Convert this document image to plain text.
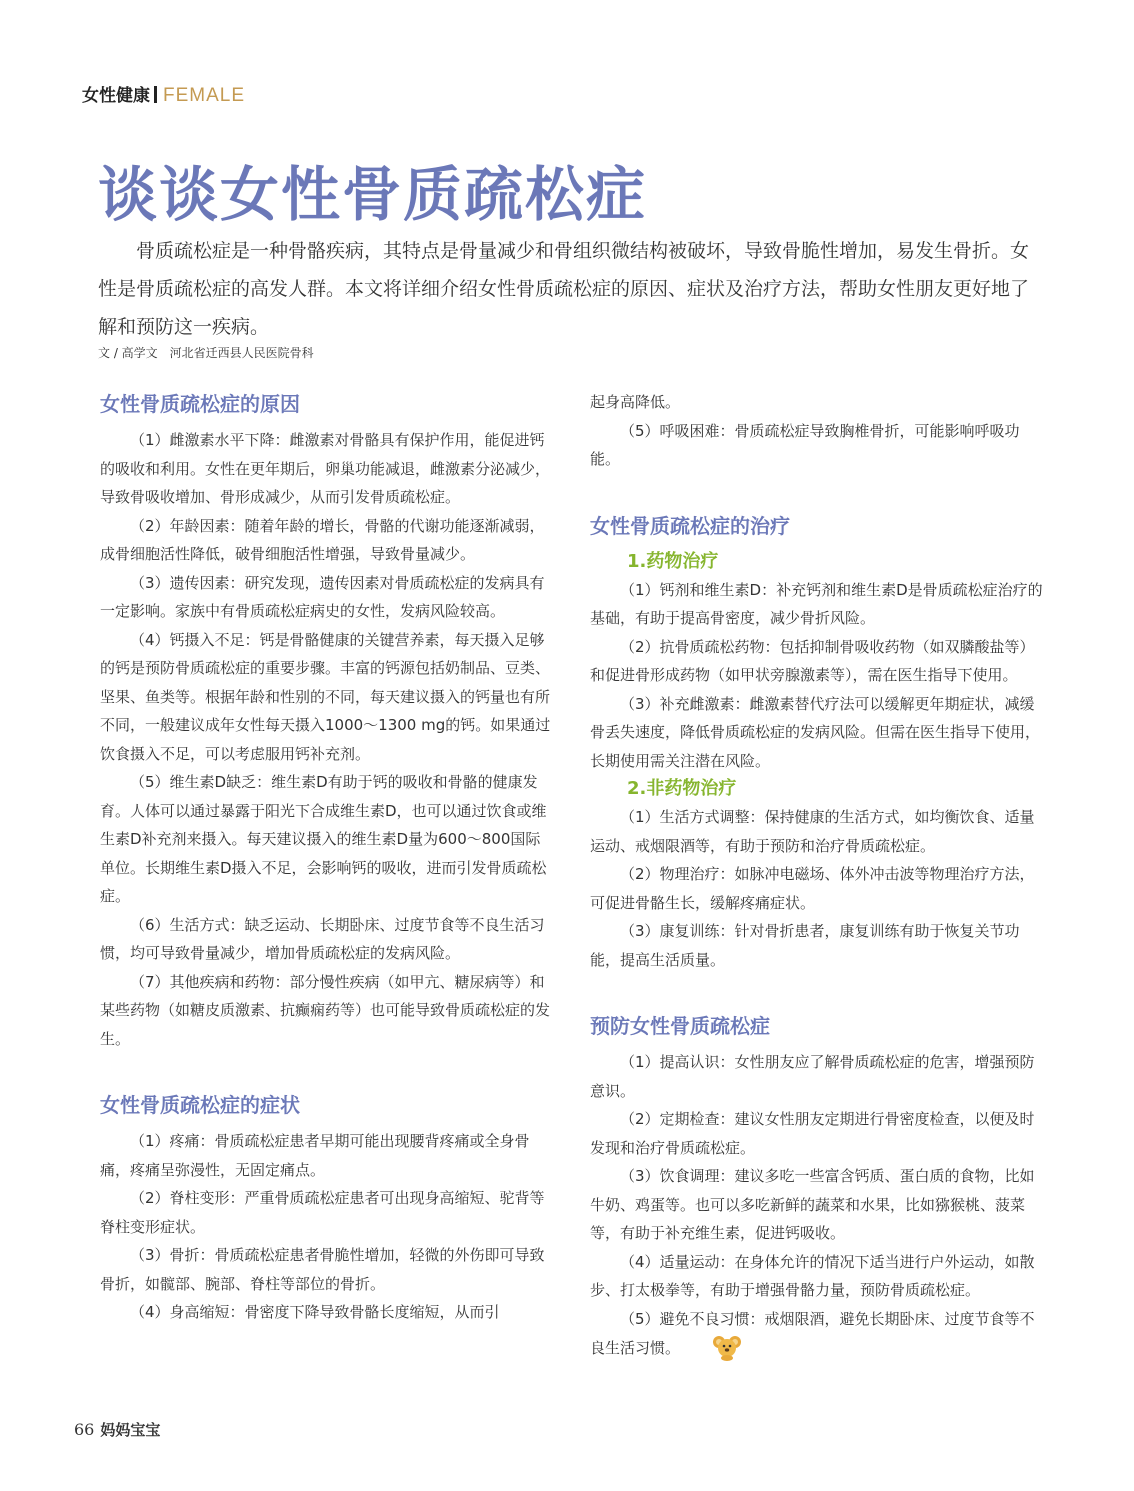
女性健康 FEMALE
谈谈女性骨质疏松症

骨质疏松症是一种骨骼疾病，其特点是骨量减少和骨组织微结构被破坏，导致骨脆性增加，易发生骨折。女性是骨质疏松症的高发人群。本文将详细介绍女性骨质疏松症的原因、症状及治疗方法，帮助女性朋友更好地了解和预防这一疾病。

文 / 高学文　河北省迁西县人民医院骨科
女性骨质疏松症的原因

（1）雌激素水平下降：雌激素对骨骼具有保护作用，能促进钙的吸收和利用。女性在更年期后，卵巢功能减退，雌激素分泌减少，导致骨吸收增加、骨形成减少，从而引发骨质疏松症。

（2）年龄因素：随着年龄的增长，骨骼的代谢功能逐渐减弱，成骨细胞活性降低，破骨细胞活性增强，导致骨量减少。

（3）遗传因素：研究发现，遗传因素对骨质疏松症的发病具有一定影响。家族中有骨质疏松症病史的女性，发病风险较高。

（4）钙摄入不足：钙是骨骼健康的关键营养素，每天摄入足够的钙是预防骨质疏松症的重要步骤。丰富的钙源包括奶制品、豆类、坚果、鱼类等。根据年龄和性别的不同，每天建议摄入的钙量也有所不同，一般建议成年女性每天摄入1000～1300 mg的钙。如果通过饮食摄入不足，可以考虑服用钙补充剂。

（5）维生素D缺乏：维生素D有助于钙的吸收和骨骼的健康发育。人体可以通过暴露于阳光下合成维生素D，也可以通过饮食或维生素D补充剂来摄入。每天建议摄入的维生素D量为600～800国际单位。长期维生素D摄入不足，会影响钙的吸收，进而引发骨质疏松症。

（6）生活方式：缺乏运动、长期卧床、过度节食等不良生活习惯，均可导致骨量减少，增加骨质疏松症的发病风险。

（7）其他疾病和药物：部分慢性疾病（如甲亢、糖尿病等）和某些药物（如糖皮质激素、抗癫痫药等）也可能导致骨质疏松症的发生。

女性骨质疏松症的症状

（1）疼痛：骨质疏松症患者早期可能出现腰背疼痛或全身骨痛，疼痛呈弥漫性，无固定痛点。

（2）脊柱变形：严重骨质疏松症患者可出现身高缩短、驼背等脊柱变形症状。

（3）骨折：骨质疏松症患者骨脆性增加，轻微的外伤即可导致骨折，如髋部、腕部、脊柱等部位的骨折。

（4）身高缩短：骨密度下降导致骨骼长度缩短，从而引

起身高降低。

（5）呼吸困难：骨质疏松症导致胸椎骨折，可能影响呼吸功能。

女性骨质疏松症的治疗
1.药物治疗

（1）钙剂和维生素D：补充钙剂和维生素D是骨质疏松症治疗的基础，有助于提高骨密度，减少骨折风险。

（2）抗骨质疏松药物：包括抑制骨吸收药物（如双膦酸盐等）和促进骨形成药物（如甲状旁腺激素等），需在医生指导下使用。

（3）补充雌激素：雌激素替代疗法可以缓解更年期症状，减缓骨丢失速度，降低骨质疏松症的发病风险。但需在医生指导下使用，长期使用需关注潜在风险。

2.非药物治疗

（1）生活方式调整：保持健康的生活方式，如均衡饮食、适量运动、戒烟限酒等，有助于预防和治疗骨质疏松症。

（2）物理治疗：如脉冲电磁场、体外冲击波等物理治疗方法，可促进骨骼生长，缓解疼痛症状。

（3）康复训练：针对骨折患者，康复训练有助于恢复关节功能，提高生活质量。

预防女性骨质疏松症

（1）提高认识：女性朋友应了解骨质疏松症的危害，增强预防意识。

（2）定期检查：建议女性朋友定期进行骨密度检查，以便及时发现和治疗骨质疏松症。

（3）饮食调理：建议多吃一些富含钙质、蛋白质的食物，比如牛奶、鸡蛋等。也可以多吃新鲜的蔬菜和水果，比如猕猴桃、菠菜等，有助于补充维生素，促进钙吸收。

（4）适量运动：在身体允许的情况下适当进行户外运动，如散步、打太极拳等，有助于增强骨骼力量，预防骨质疏松症。

（5）避免不良习惯：戒烟限酒，避免长期卧床、过度节食等不良生活习惯。

66 妈妈宝宝
